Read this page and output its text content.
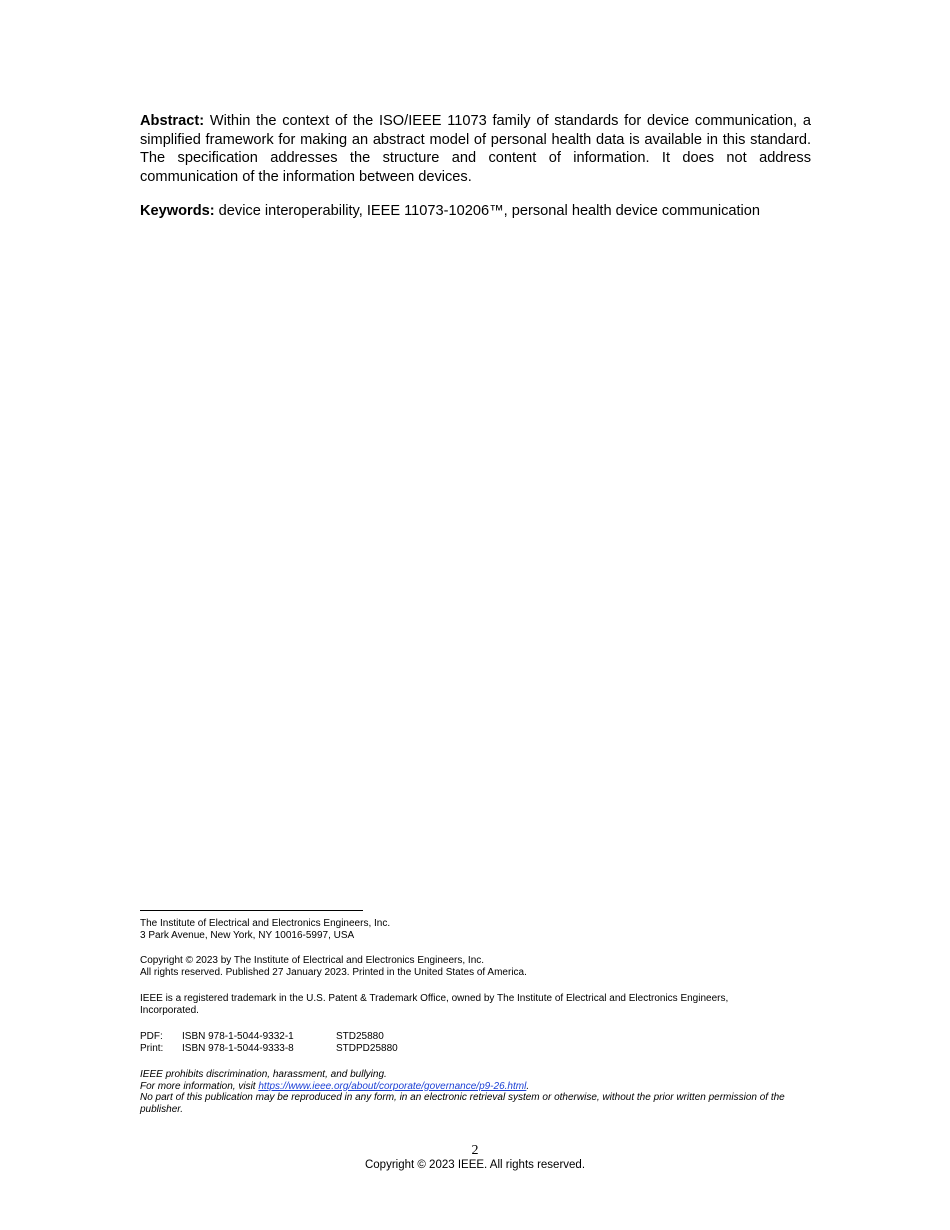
Abstract: Within the context of the ISO/IEEE 11073 family of standards for device communication, a simplified framework for making an abstract model of personal health data is available in this standard. The specification addresses the structure and content of information. It does not address communication of the information between devices.
Keywords: device interoperability, IEEE 11073-10206™, personal health device communication
The Institute of Electrical and Electronics Engineers, Inc.
3 Park Avenue, New York, NY 10016-5997, USA
Copyright © 2023 by The Institute of Electrical and Electronics Engineers, Inc.
All rights reserved. Published 27 January 2023. Printed in the United States of America.
IEEE is a registered trademark in the U.S. Patent & Trademark Office, owned by The Institute of Electrical and Electronics Engineers, Incorporated.
PDF:	ISBN 978-1-5044-9332-1	STD25880
Print:	ISBN 978-1-5044-9333-8	STDPD25880
IEEE prohibits discrimination, harassment, and bullying.
For more information, visit https://www.ieee.org/about/corporate/governance/p9-26.html.
No part of this publication may be reproduced in any form, in an electronic retrieval system or otherwise, without the prior written permission of the publisher.
2
Copyright © 2023 IEEE. All rights reserved.
